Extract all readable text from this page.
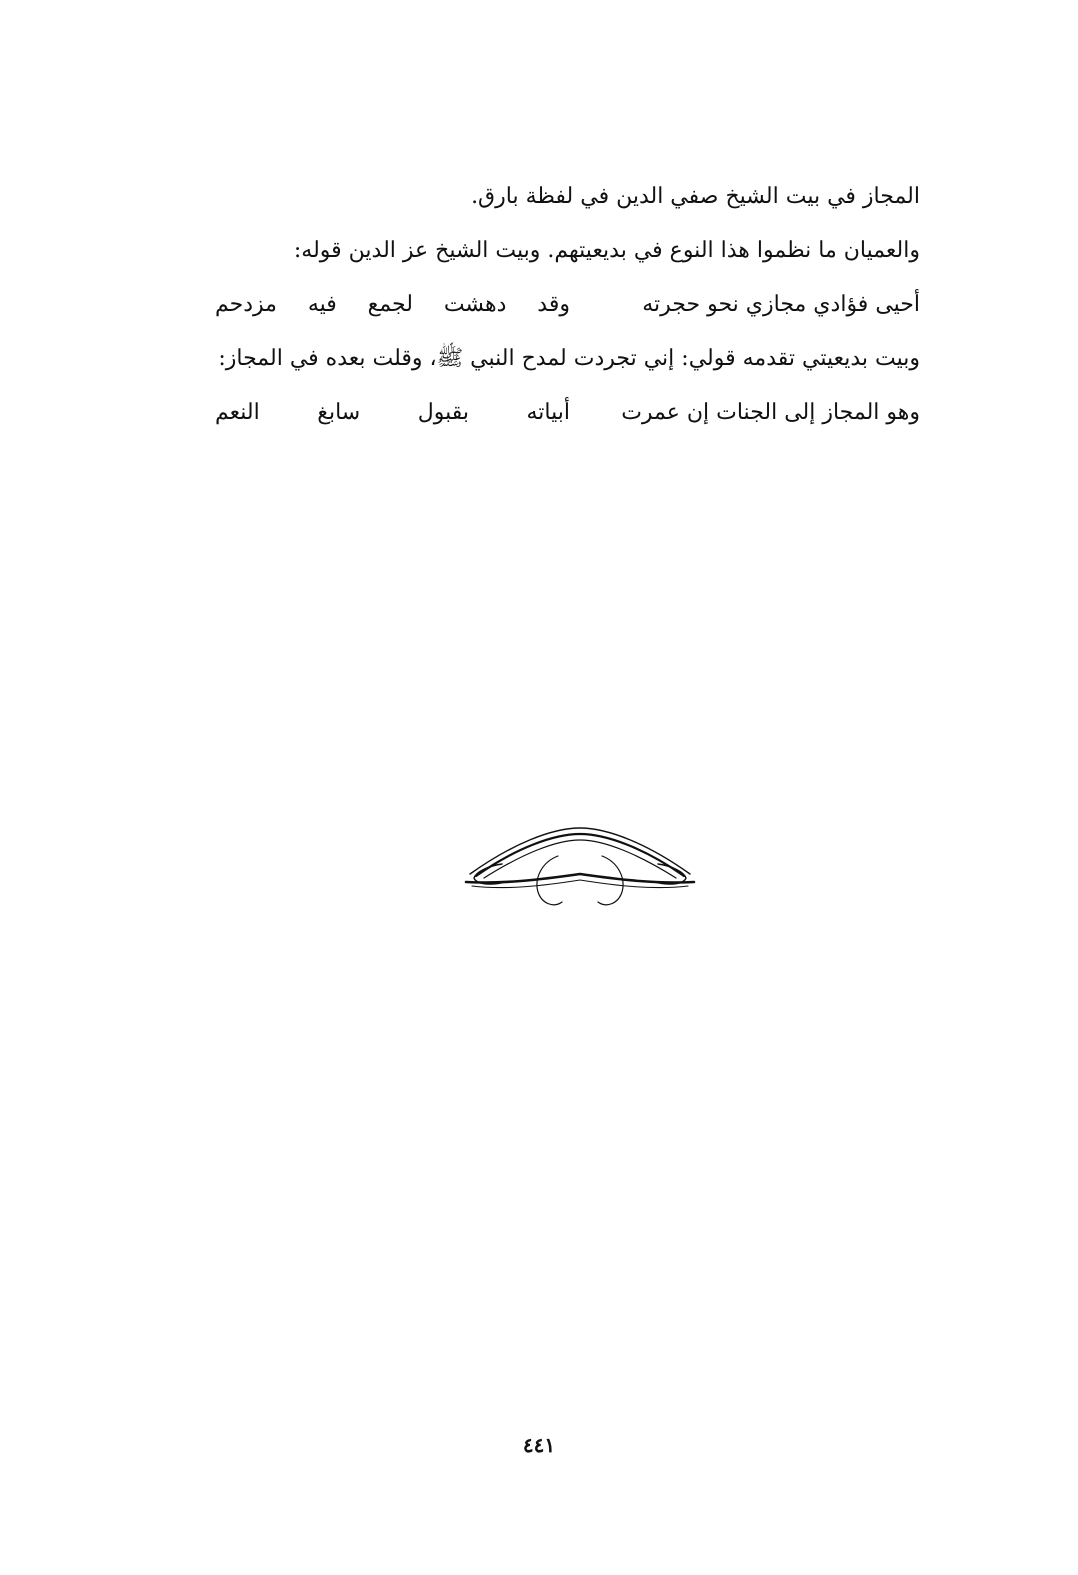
المجاز في بيت الشيخ صفي الدين في لفظة بارق.
والعميان ما نظموا هذا النوع في بديعيتهم. وبيت الشيخ عز الدين قوله:
أحيى فؤادي مجازي نحو حجرته
وقد دهشت لجمع فيه مزدحم
وبيت بديعيتي تقدمه قولي: إني تجردت لمدح النبي ﷺ، وقلت بعده في المجاز:
وهو المجاز إلى الجنات إن عمرت
أبياته بقبول سابغ النعم
٤٤١
